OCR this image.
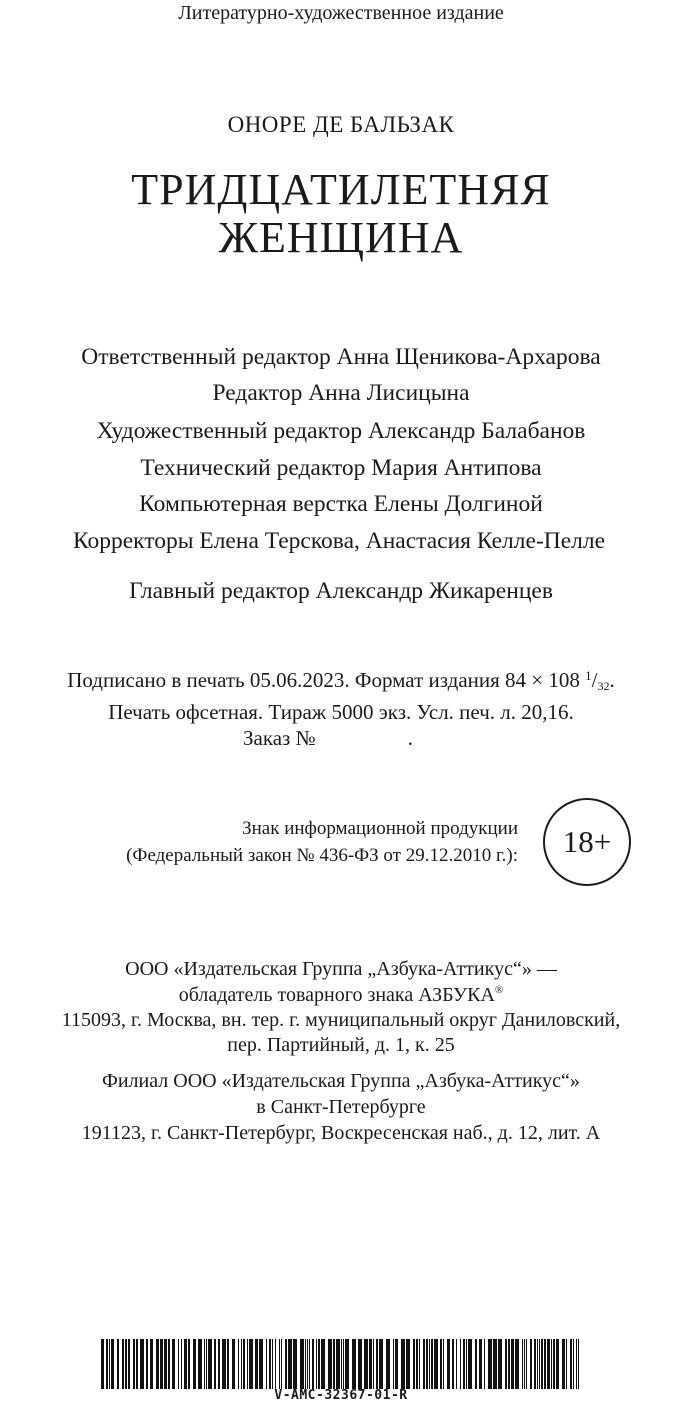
Литературно-художественное издание
ОНОРЕ ДЕ БАЛЬЗАК
ТРИДЦАТИЛЕТНЯЯ
ЖЕНЩИНА
Ответственный редактор Анна Щеникова-Архарова
Редактор Анна Лисицына
Художественный редактор Александр Балабанов
Технический редактор Мария Антипова
Компьютерная верстка Елены Долгиной
Корректоры Елена Терскова, Анастасия Келле-Пелле
Главный редактор Александр Жикаренцев
Подписано в печать 05.06.2023. Формат издания 84 × 108 $^1/_{32}$.
Печать офсетная. Тираж 5000 экз. Усл. печ. л. 20,16.
Заказ №	.
Знак информационной продукции
(Федеральный закон № 436-ФЗ от 29.12.2010 г.): 18+
ООО «Издательская Группа „Азбука-Аттикус“» —
обладатель товарного знака АЗБУКА®
115093, г. Москва, вн. тер. г. муниципальный округ Даниловский,
пер. Партийный, д. 1, к. 25
Филиал ООО «Издательская Группа „Азбука-Аттикус“»
в Санкт-Петербурге
191123, г. Санкт-Петербург, Воскресенская наб., д. 12, лит. А
V-AMC-32367-01-R
